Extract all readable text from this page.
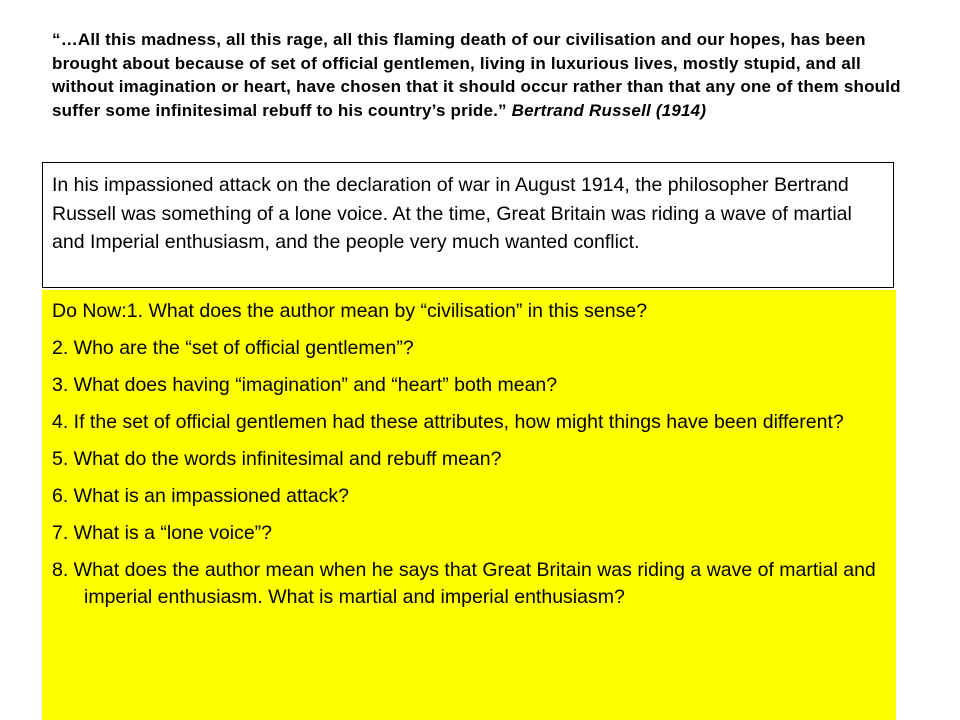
“…All this madness, all this rage, all this flaming death of our civilisation and our hopes, has been brought about because of set of official gentlemen, living in luxurious lives, mostly stupid, and all without imagination or heart, have chosen that it should occur rather than that any one of them should suffer some infinitesimal rebuff to his country’s pride.” Bertrand Russell (1914)
In his impassioned attack on the declaration of war in August 1914, the philosopher Bertrand Russell was something of a lone voice. At the time, Great Britain was riding a wave of martial and Imperial enthusiasm, and the people very much wanted conflict.

Do Now:1. What does the author mean by “civilisation” in this sense?

2. Who are the “set of official gentlemen”?

3. What does having “imagination” and “heart” both mean?

4. If the set of official gentlemen had these attributes, how might things have been different?

5. What do the words infinitesimal and rebuff mean?

6. What is an impassioned attack?

7. What is a “lone voice”?

8. What does the author mean when he says that Great Britain was riding a wave of martial and imperial enthusiasm. What is martial and imperial enthusiasm?
